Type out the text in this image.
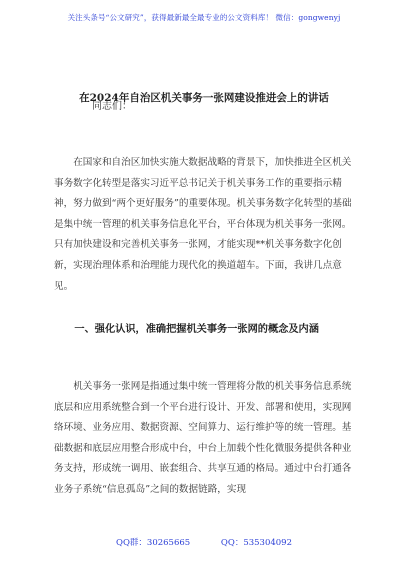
关注头条号“公文研究”，获得最新最全最专业的公文资料库！ 微信：gongwenyj
在2024年自治区机关事务一张网建设推进会上的讲话
同志们：

在国家和自治区加快实施大数据战略的背景下，加快推进全区机关事务数字化转型是落实习近平总书记关于机关事务工作的重要指示精神，努力做到“两个更好服务”的重要体现。机关事务数字化转型的基础是集中统一管理的机关事务信息化平台，平台体现为机关事务一张网。只有加快建设和完善机关事务一张网，才能实现**机关事务数字化创新，实现治理体系和治理能力现代化的换道超车。下面，我讲几点意见。

一、强化认识，准确把握机关事务一张网的概念及内涵

机关事务一张网是指通过集中统一管理将分散的机关事务信息系统底层和应用系统整合到一个平台进行设计、开发、部署和使用，实现网络环境、业务应用、数据资源、空间算力、运行维护等的统一管理。基础数据和底层应用整合形成中台，中台上加载个性化微服务提供各种业务支持，形成统一调用、嵌套组合、共享互通的格局。通过中台打通各业务子系统“信息孤岛”之间的数据链路，实现

QQ群：30265665	QQ：535304092
